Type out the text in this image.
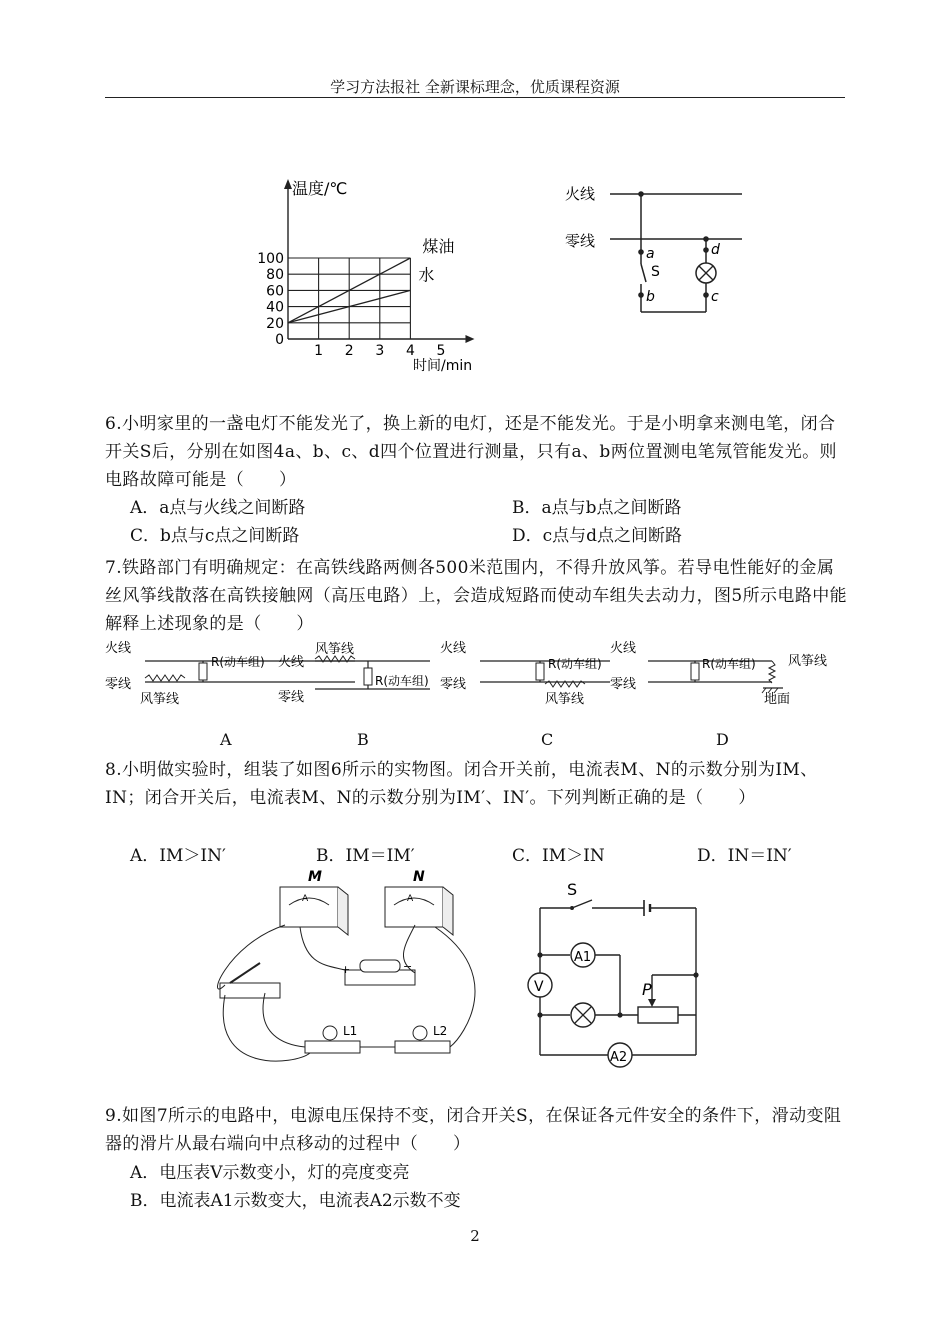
学习方法报社 全新课标理念，优质课程资源
0
20
40
60
80
100
1 2 3 4 5
煤油
水
温度/℃
时间/min
火线
零线
a
S
b
d
c
6.小明家里的一盏电灯不能发光了，换上新的电灯，还是不能发光。于是小明拿来测电笔，闭合开关S后，分别在如图4a、b、c、d四个位置进行测量，只有a、b两位置测电笔氖管能发光。则电路故障可能是（　　）
A．a点与火线之间断路	B．a点与b点之间断路
C．b点与c点之间断路	D．c点与d点之间断路
7.铁路部门有明确规定：在高铁线路两侧各500米范围内，不得升放风筝。若导电性能好的金属丝风筝线散落在高铁接触网（高压电路）上，会造成短路而使动车组失去动力，图5所示电路中能解释上述现象的是（　　）
火线
零线
风筝线
R(动车组) 火线
零线
风筝线
R(动车组)
火线
零线
R(动车组)
风筝线
火线
零线
R(动车组) 风筝线
地面
A	B	C	D
8.小明做实验时，组装了如图6所示的实物图。闭合开关前，电流表M、N的示数分别为IM、IN；闭合开关后，电流表M、N的示数分别为IM′、IN′。下列判断正确的是（　　）
A．IM＞IN′	B．IM＝IM′	C．IM＞IN	D．IN＝IN′
M	N
A	A
+	−
L1	L2
S
A2
A1
P
V
9.如图7所示的电路中，电源电压保持不变，闭合开关S，在保证各元件安全的条件下，滑动变阻器的滑片从最右端向中点移动的过程中（　　）
A．电压表V示数变小，灯的亮度变亮
B．电流表A1示数变大，电流表A2示数不变
2
